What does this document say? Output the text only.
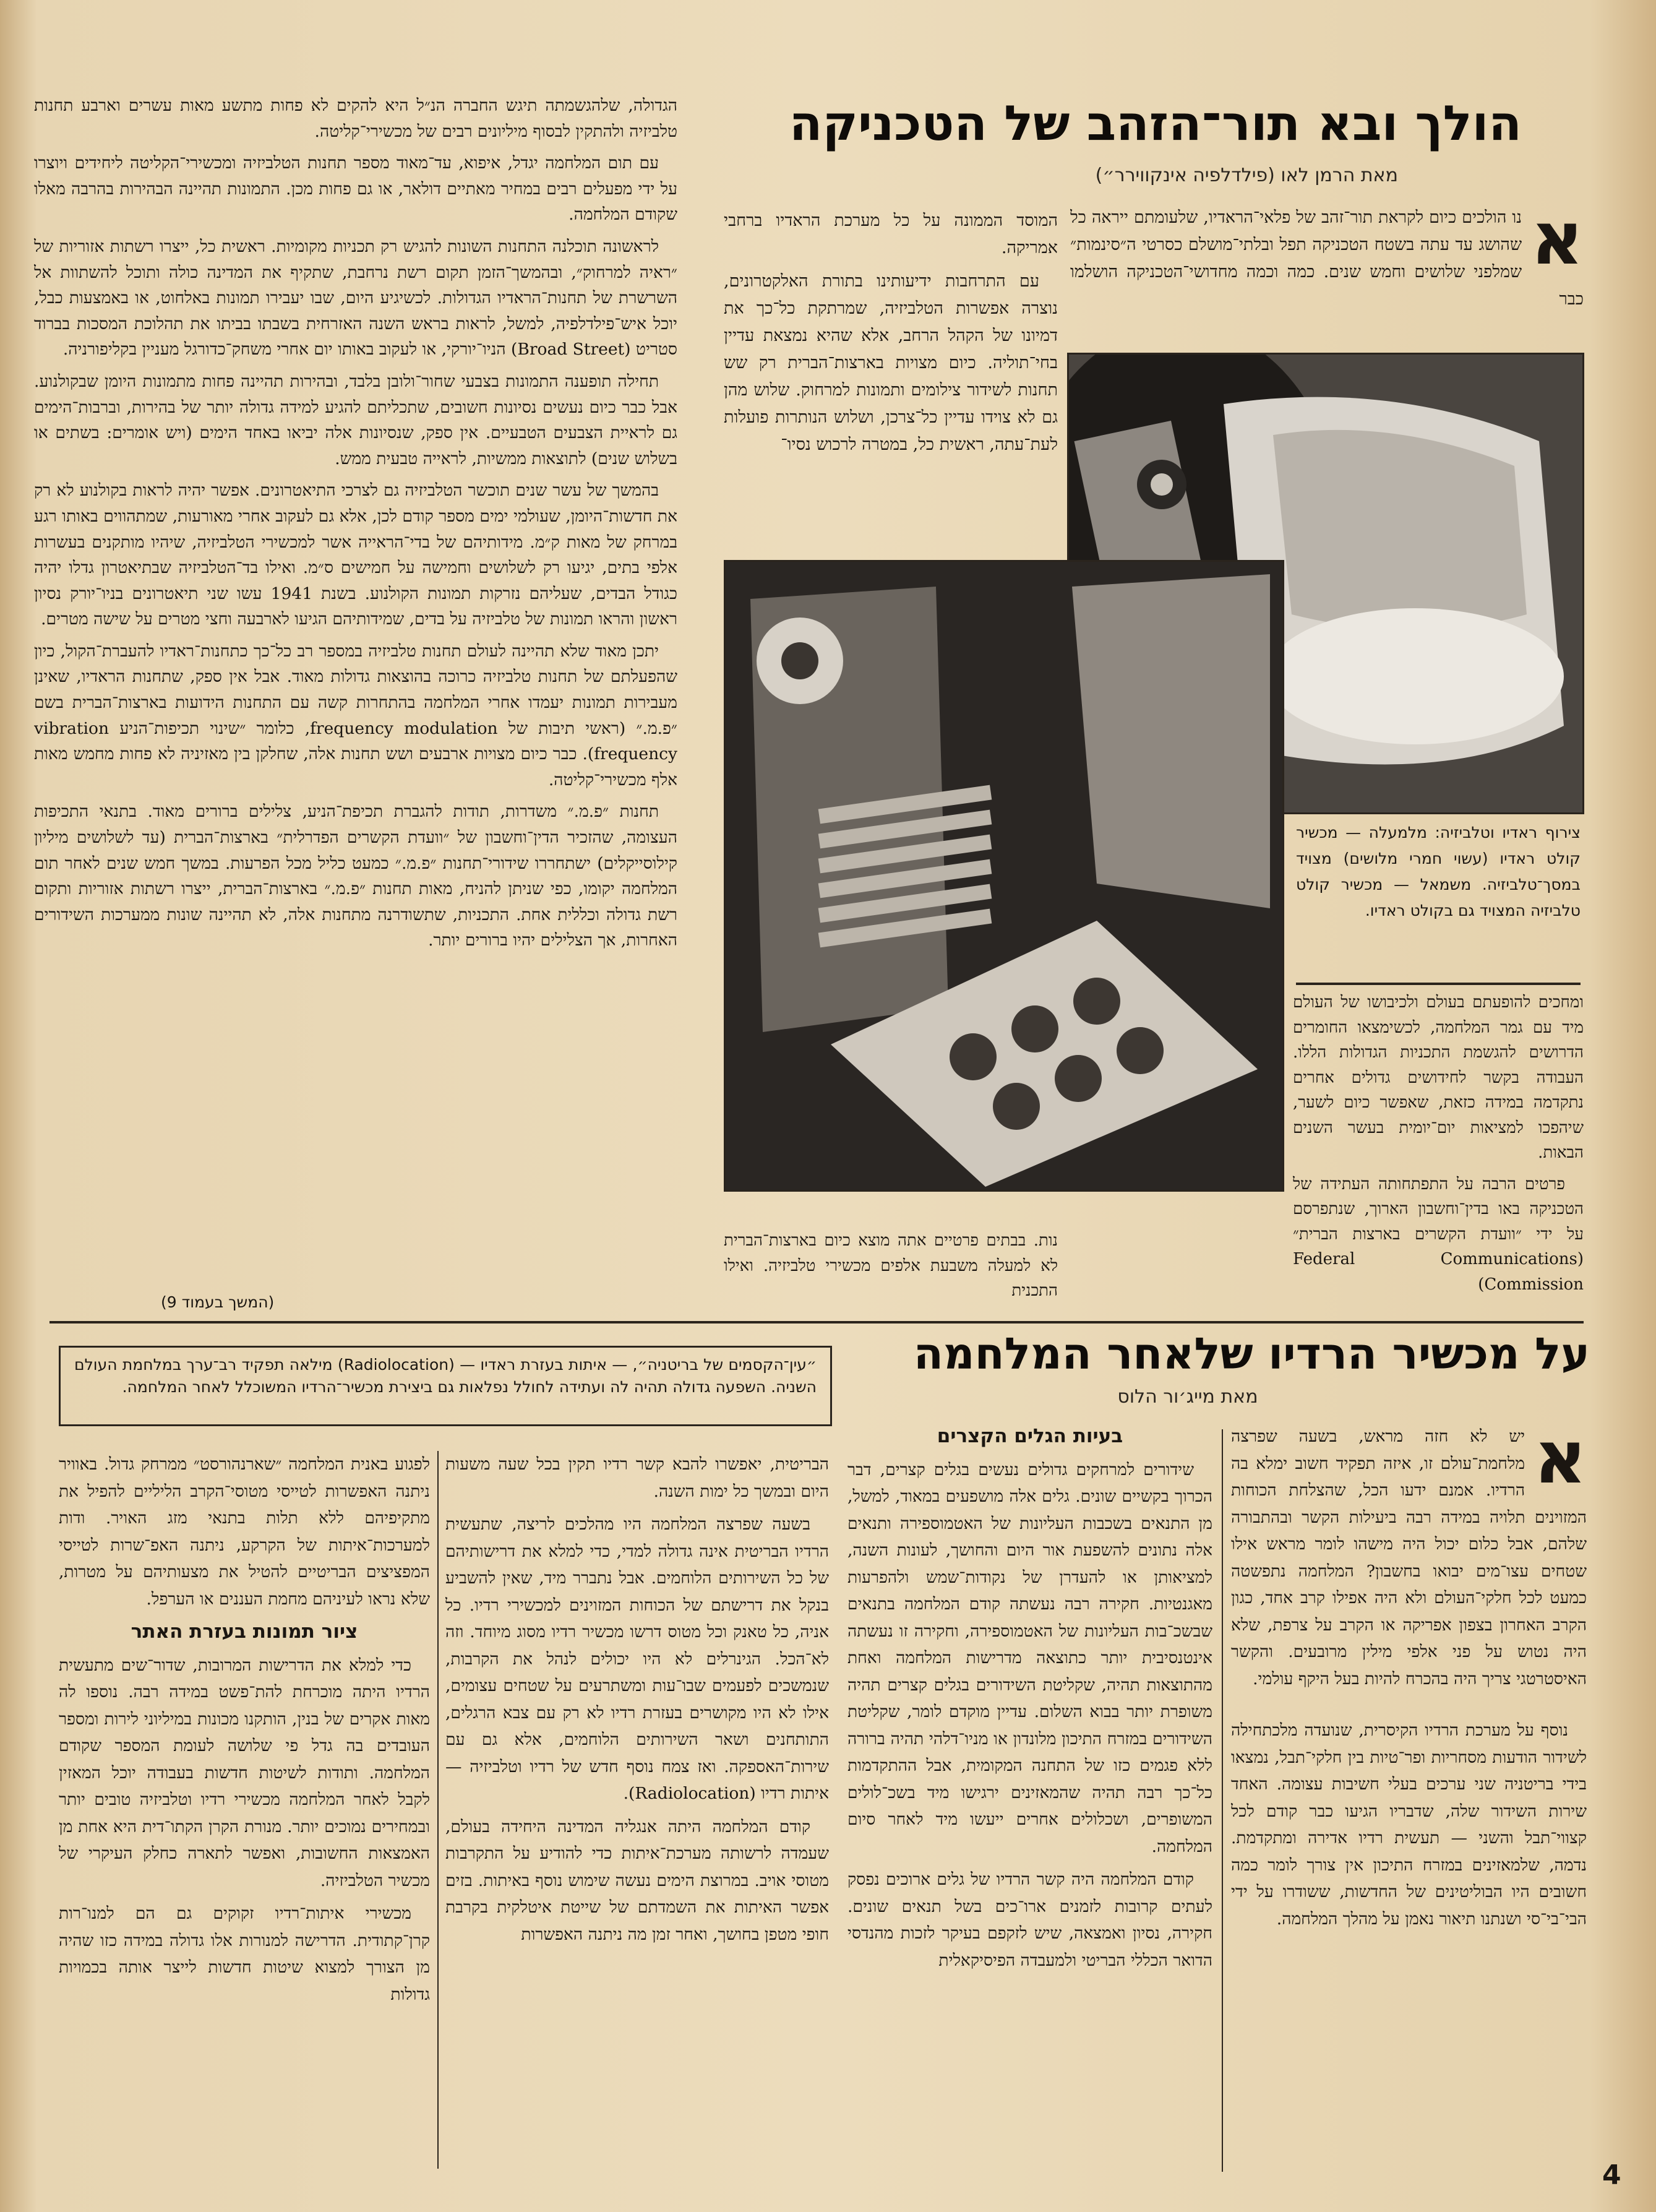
הולך ובא תור־הזהב של הטכניקה
מאת הרמן לאו (פילדלפיה אינקווירר״)
א
נו הולכים כיום לקראת תור־זהב של פלאי־הראדיו, שלעומתם ייראה כל שהושג עד עתה בשטח הטכניקה תפל ובלתי־מושלם כסרטי ה״סינמות״ שמלפני שלושים וחמש שנים. כמה וכמה מחדושי־הטכניקה הושלמו כבר

המוסד הממונה על כל מערכת הראדיו ברחבי אמריקה.

עם התרחבות ידיעותינו בתורת האלקטרונים, נוצרה אפשרות הטלביזיה, שמרתקת כל־כך את דמיונו של הקהל הרחב, אלא שהיא נמצאת עדיין בחי־תוליה. כיום מצויות בארצות־הברית רק שש תחנות לשידור צילומים ותמונות למרחוק. שלוש מהן גם לא צוידו עדיין כל־צרכן, ושלוש הנותרות פועלות לעת־עתה, ראשית כל, במטרה לרכוש נסיו־

הגדולה, שלהגשמתה תיגש החברה הנ״ל היא להקים לא פחות מתשע מאות עשרים וארבע תחנות טלביזיה ולהתקין לבסוף מיליונים רבים של מכשירי־קליטה.

עם תום המלחמה יגדל, איפוא, עד־מאוד מספר תחנות הטלביזיה ומכשירי־הקליטה ליחידים ויוצרו על ידי מפעלים רבים במחיר מאתיים דולאר, או גם פחות מכן. התמונות תהיינה הבהירות בהרבה מאלו שקודם המלחמה.

לראשונה תוכלנה התחנות השונות להגיש רק תכניות מקומיות. ראשית כל, ייצרו רשתות אזוריות של ״ראיה למרחוק״, ובהמשך־הזמן תקום רשת נרחבת, שתקיף את המדינה כולה ותוכל להשתוות אל השרשרת של תחנות־הראדיו הגדולות. לכשיגיע היום, שבו יעבירו תמונות באלחוט, או באמצעות כבל, יוכל איש־פילדלפיה, למשל, לראות בראש השנה האזרחית בשבתו בביתו את תהלוכת המסכות בברוד סטריט (Broad Street) הניו־יורקי, או לעקוב באותו יום אחרי משחק־כדורגל מעניין בקליפורניה.

תחילה תופענה התמונות בצבעי שחור־ולובן בלבד, ובהירות תהיינה פחות מתמונות היומן שבקולנוע. אבל כבר כיום נעשים נסיונות חשובים, שתכליתם להגיע למידה גדולה יותר של בהירות, וברבות־הימים גם לראיית הצבעים הטבעיים. אין ספק, שנסיונות אלה יביאו באחד הימים (ויש אומרים: בשתים או בשלוש שנים) לתוצאות ממשיות, לראייה טבעית ממש.

בהמשך של עשר שנים תוכשר הטלביזיה גם לצרכי התיאטרונים. אפשר יהיה לראות בקולנוע לא רק את חדשות־היומן, שעולמי ימים מספר קודם לכן, אלא גם לעקוב אחרי מאורעות, שמתהווים באותו רגע במרחק של מאות ק״מ. מידותיהם של בדי־הראייה אשר למכשירי הטלביזיה, שיהיו מותקנים בעשרות אלפי בתים, יגיעו רק לשלושים וחמישה על חמישים ס״מ. ואילו בד־הטלביזיה שבתיאטרון גדלו יהיה כגודל הבדים, שעליהם נזרקות תמונות הקולנוע. בשנת 1941 עשו שני תיאטרונים בניו־יורק נסיון ראשון והראו תמונות של טלביזיה על בדים, שמידותיהם הגיעו לארבעה וחצי מטרים על שישה מטרים.

יתכן מאוד שלא תהיינה לעולם תחנות טלביזיה במספר רב כל־כך כתחנות־ראדיו להעברת־הקול, כיון שהפעלתם של תחנות טלביזיה כרוכה בהוצאות גדולות מאוד. אבל אין ספק, שתחנות הראדיו, שאינן מעבירות תמונות יעמדו אחרי המלחמה בהתחרות קשה עם התחנות הידועות בארצות־הברית בשם ״פ.מ.״ (ראשי תיבות של frequency modulation, כלומר ״שינוי תכיפות־הניע vibration frequency). כבר כיום מצויות ארבעים ושש תחנות אלה, שחלקן בין מאזיניה לא פחות מחמש מאות אלף מכשירי־קליטה.

תחנות ״פ.מ.״ משדרות, תודות להגברת תכיפת־הניע, צלילים ברורים מאוד. בתנאי התכיפות העצומה, שהזכיר הדין־וחשבון של ״וועדת הקשרים הפדרלית״ בארצות־הברית (עד לשלושים מיליון קילוסייקלים) ישתחררו שידורי־תחנות ״פ.מ.״ כמעט כליל מכל הפרעות. במשך חמש שנים לאחר תום המלחמה יקומו, כפי שניתן להניח, מאות תחנות ״פ.מ.״ בארצות־הברית, ייצרו רשתות אזוריות ותקום רשת גדולה וכללית אחת. התכניות, שתשודרנה מתחנות אלה, לא תהיינה שונות ממערכות השידורים האחרות, אך הצלילים יהיו ברורים יותר.

(המשך בעמוד 9)
צירוף ראדיו וטלביזיה: מלמעלה — מכשיר קולט ראדיו (עשוי חמרי מלושים) מצויד במסך־טלביזיה. משמאל — מכשיר קולט טלביזיה המצויד גם בקולט ראדיו.

ומחכים להופעתם בעולם ולכיבושו של העולם מיד עם גמר המלחמה, לכשימצאו החומרים הדרושים להגשמת התכניות הגדולות הללו. העבודה בקשר לחידושים גדולים אחרים נתקדמה במידה כזאת, שאפשר כיום לשער, שיהפכו למציאות יום־יומית בעשר השנים הבאות.

פרטים הרבה על התפתחותה העתידה של הטכניקה באו בדין־וחשבון הארוך, שנתפרסם על ידי ״וועדת הקשרים בארצות הברית״ (Federal Communications Commission)

נות. בבתים פרטיים אתה מוצא כיום בארצות־הברית לא למעלה משבעת אלפים מכשירי טלביזיה. ואילו התכנית

על מכשיר הרדיו שלאחר המלחמה
מאת מייג׳ור הלוס
״עין־הקסמים של בריטניה״, — איתות בעזרת ראדיו — (Radiolocation) מילאה תפקיד רב־ערך במלחמת העולם השניה. השפעה גדולה תהיה לה ועתידה לחולל נפלאות גם ביצירת מכשיר־הרדיו המשוכלל לאחר המלחמה.
א

יש לא חזה מראש, בשעה שפרצה מלחמת־עולם זו, איזה תפקיד חשוב ימלא בה הרדיו. אמנם ידעו הכל, שהצלחת הכוחות המזוינים תלויה במידה רבה ביעילות הקשר ובהתבורה שלהם, אבל כלום יכול היה מישהו לומר מראש אילו שטחים עצו־מים יבואו בחשבון? המלחמה נתפשטה כמעט לכל חלקי־העולם ולא היה אפילו קרב אחד, כגון הקרב האחרון בצפון אפריקה או הקרב על צרפת, שלא היה נטוש על פני אלפי מילין מרובעים. והקשר האיסטרטגי צריך היה בהכרח להיות בעל היקף עולמי.

נוסף על מערכת הרדיו הקיסרית, שנועדה מלכתחילה לשידור הודעות מסחריות ופר־טיות בין חלקי־תבל, נמצאו בידי בריטניה שני ערכים בעלי חשיבות עצומה. האחד שירות השידור שלה, שדבריו הגיעו כבר קודם לכל קצווי־תבל והשני — תעשית רדיו אדירה ומתקדמת. נדמה, שלמאזינים במזרח התיכון אין צורך לומר כמה חשובים היו הבוליטינים של החדשות, ששודרו על ידי הבי־בי־סי ושנתנו תיאור נאמן על מהלך המלחמה.

בעיות הגלים הקצרים

שידורים למרחקים גדולים נעשים בגלים קצרים, דבר הכרוך בקשיים שונים. גלים אלה מושפעים במאוד, למשל, מן התנאים בשכבות העליונות של האטמוספירה ותנאים אלה נתונים להשפעת אור היום והחושך, לעונות השנה, למציאותן או להעדרן של נקודות־שמש ולהפרעות מאגנטיות. חקירה רבה נעשתה קודם המלחמה בתנאים שבשכ־בות העליונות של האטמוספירה, וחקירה זו נעשתה אינטנסיבית יותר כתוצאה מדרישות המלחמה ואחת מהתוצאות תהיה, שקליטת השידורים בגלים קצרים תהיה משופרת יותר בבוא השלום. עדיין מוקדם לומר, שקליטת השידורים במזרח התיכון מלונדון או מניו־דלהי תהיה ברורה ללא פגמים כזו של התחנה המקומית, אבל ההתקדמות כל־כך רבה תהיה שהמאזינים ירגישו מיד בשכ־לולים המשופרים, ושכלולים אחרים ייעשו מיד לאחר סיום המלחמה.

קודם המלחמה היה קשר הרדיו של גלים ארוכים נפסק לעתים קרובות לזמנים ארו־כים בשל תנאים שונים. חקירה, נסיון ואמצאה, שיש לזקפם בעיקר לזכות מהנדסי הדואר הכללי הבריטי ולמעבדה הפיסיקאלית

הבריטית, יאפשרו להבא קשר רדיו תקין בכל שעה משעות היום ובמשך כל ימות השנה.

בשעה שפרצה המלחמה היו מהלכים לריצה, שתעשית הרדיו הבריטית אינה גדולה למדי, כדי למלא את דרישותיהם של כל השירותים הלוחמים. אבל נתברר מיד, שאין להשביע בנקל את דרישתם של הכוחות המזוינים למכשירי רדיו. כל אניה, כל טאנק וכל מטוס דרשו מכשיר רדיו מסוג מיוחד. וזה לא־הכל. הגינרלים לא היו יכולים לנהל את הקרבות, שנמשכים לפעמים שבו־עות ומשתרעים על שטחים עצומים, אילו לא היו מקושרים בעזרת רדיו לא רק עם צבא הרגלים, התותחנים ושאר השירותים הלוחמים, אלא גם עם שירות־האספקה. ואז צמח נוסף חדש של רדיו וטלביזיה — איתות רדיו (Radiolocation).

קודם המלחמה היתה אנגליה המדינה היחידה בעולם, שעמדה לרשותה מערכת־איתות כדי להודיע על התקרבות מטוסי אויב. במרוצת הימים נעשה שימוש נוסף באיתות. בזים אפשר האיתות את השמדתם של שייטת איטלקית בקרבת חופי מטפן בחושך, ואחר זמן מה ניתנה האפשרות

לפגוע באנית המלחמה ״שארנהורסט״ ממרחק גדול. באוויר ניתנה האפשרות לטייסי מטוסי־הקרב הליליים להפיל את מתקיפיהם ללא תלות בתנאי מזג האויר. ודות למערכות־איתות של הקרקע, ניתנה האפ־שרות לטייסי המפציצים הבריטיים להטיל את מצעותיהם על מטרות, שלא נראו לעיניהם מחמת העננים או הערפל.

ציור תמונות בעזרת האתר

כדי למלא את הדרישות המרובות, שדור־שים מתעשית הרדיו היתה מוכרחת להת־פשט במידה רבה. נוספו לה מאות אקרים של בנין, הותקנו מכונות במיליוני לירות ומספר העובדים בה גדל פי שלושה לעומת המספר שקודם המלחמה. ותודות לשיטות חדשות בעבודה יוכל המאזין לקבל לאחר המלחמה מכשירי רדיו וטלביזיה טובים יותר ובמחירים נמוכים יותר. מנורת הקרן הקתו־דית היא אחת מן האמצאות החשובות, ואפשר לתארה כחלק העיקרי של מכשיר הטלביזיה.

מכשירי איתות־רדיו זקוקים גם הם למנו־רות קרן־קתודית. הדרישה למנורות אלו גדולה במידה כזו שהיה מן הצורך למצוא שיטות חדשות לייצר אותה בכמויות גדולות

4
